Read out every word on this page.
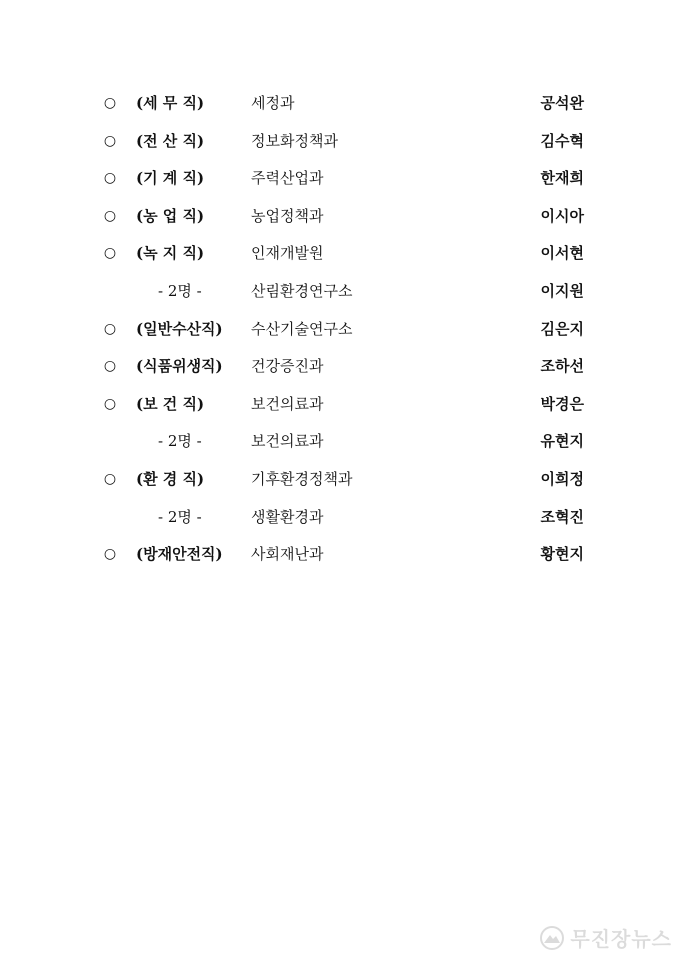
○ (세 무 직)	세정과	공석완
○ (전 산 직)	정보화정책과	김수혁
○ (기 계 직)	주력산업과	한재희
○ (농 업 직)	농업정책과	이시아
○ (녹 지 직)	인재개발원	이서현
- 2명 -	산림환경연구소	이지원
○ (일반수산직)	수산기술연구소	김은지
○ (식품위생직)	건강증진과	조하선
○ (보 건 직)	보건의료과	박경은
- 2명 -	보건의료과	유현지
○ (환 경 직)	기후환경정책과	이희정
- 2명 -	생활환경과	조혁진
○ (방재안전직)	사회재난과	황현지
무진장뉴스
